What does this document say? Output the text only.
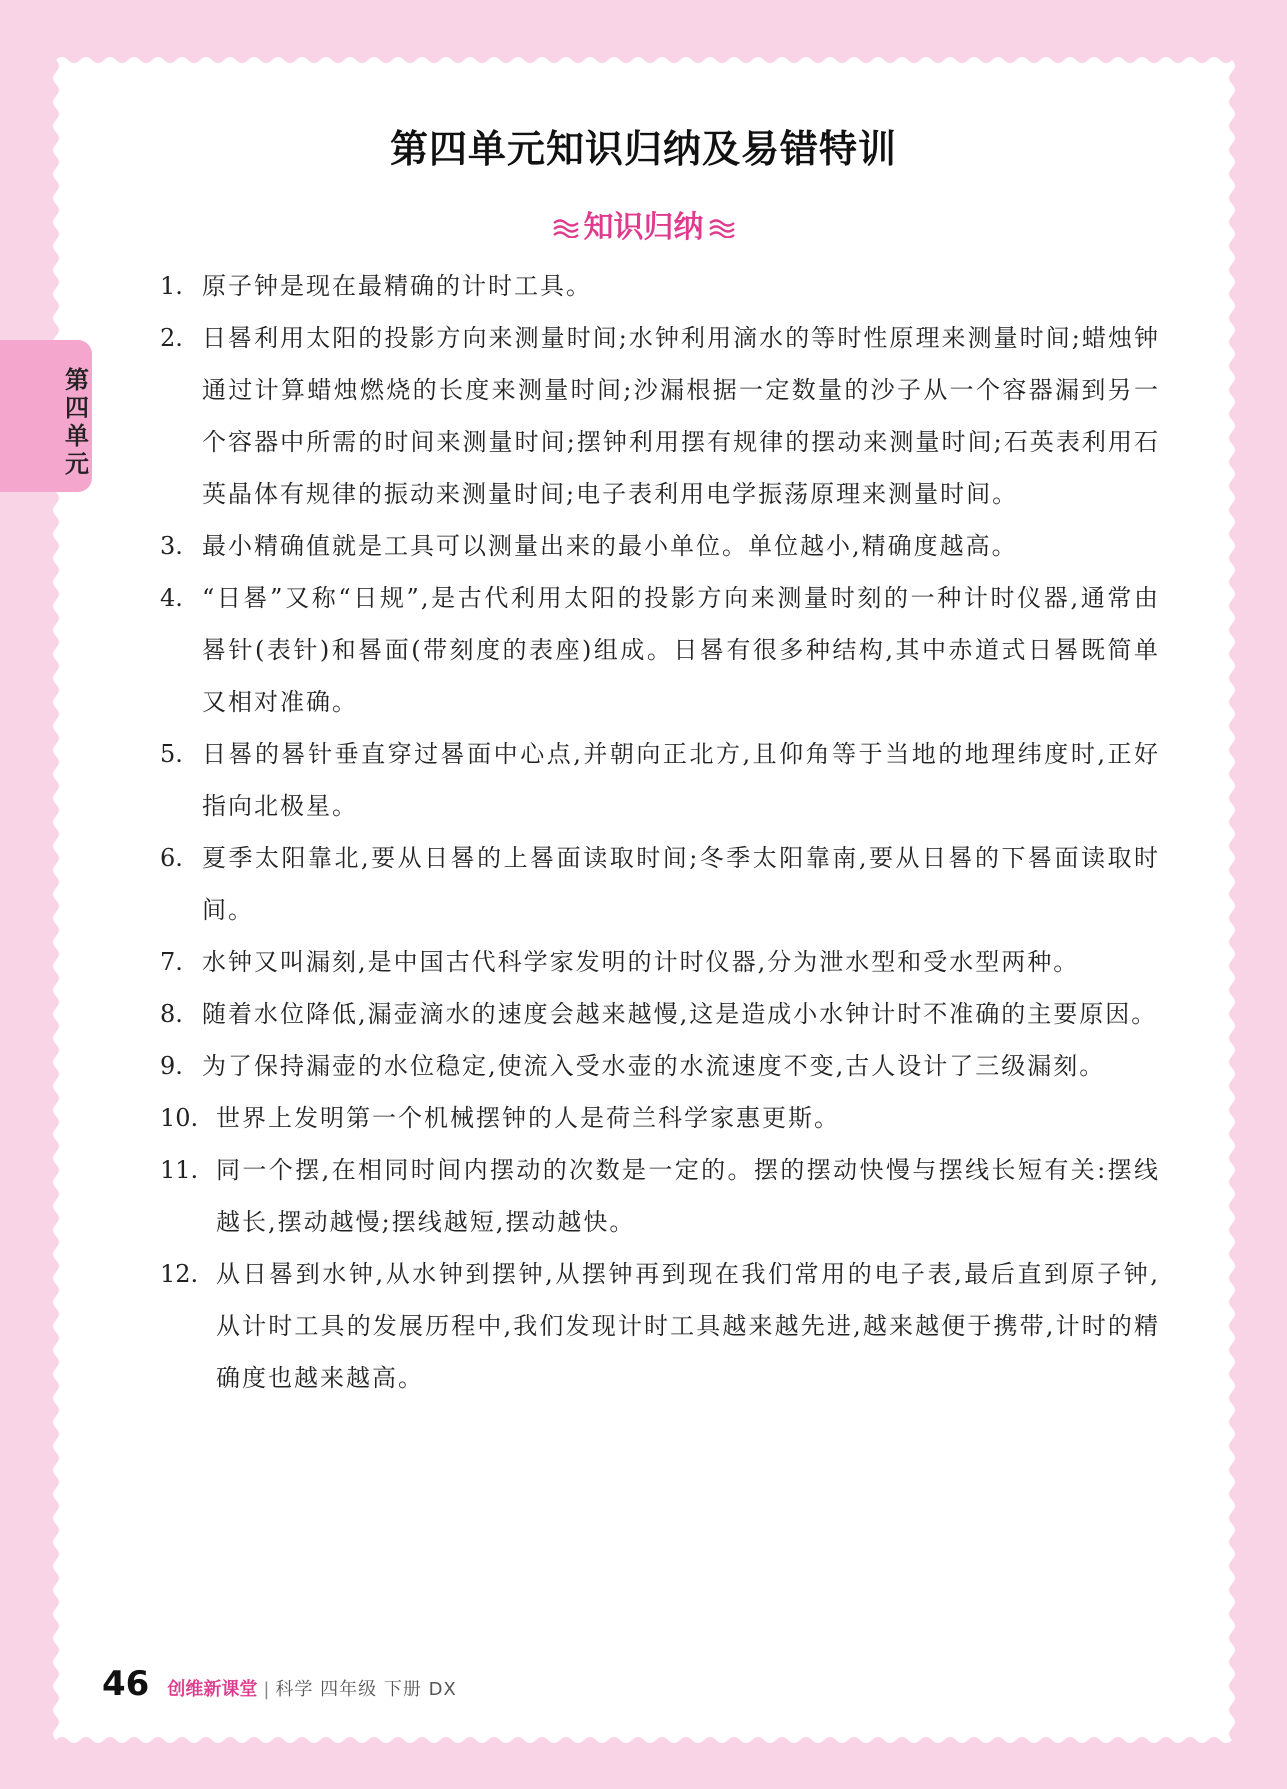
第
四
单
元
第四单元知识归纳及易错特训
知识归纳
1. 原子钟是现在最精确的计时工具。
2. 日晷利用太阳的投影方向来测量时间;水钟利用滴水的等时性原理来测量时间;蜡烛钟通过计算蜡烛燃烧的长度来测量时间;沙漏根据一定数量的沙子从一个容器漏到另一个容器中所需的时间来测量时间;摆钟利用摆有规律的摆动来测量时间;石英表利用石英晶体有规律的振动来测量时间;电子表利用电学振荡原理来测量时间。
3. 最小精确值就是工具可以测量出来的最小单位。单位越小,精确度越高。
4. “日晷”又称“日规”,是古代利用太阳的投影方向来测量时刻的一种计时仪器,通常由晷针(表针)和晷面(带刻度的表座)组成。日晷有很多种结构,其中赤道式日晷既简单又相对准确。
5. 日晷的晷针垂直穿过晷面中心点,并朝向正北方,且仰角等于当地的地理纬度时,正好指向北极星。
6. 夏季太阳靠北,要从日晷的上晷面读取时间;冬季太阳靠南,要从日晷的下晷面读取时间。
7. 水钟又叫漏刻,是中国古代科学家发明的计时仪器,分为泄水型和受水型两种。
8. 随着水位降低,漏壶滴水的速度会越来越慢,这是造成小水钟计时不准确的主要原因。
9. 为了保持漏壶的水位稳定,使流入受水壶的水流速度不变,古人设计了三级漏刻。
10. 世界上发明第一个机械摆钟的人是荷兰科学家惠更斯。
11. 同一个摆,在相同时间内摆动的次数是一定的。摆的摆动快慢与摆线长短有关:摆线越长,摆动越慢;摆线越短,摆动越快。
12. 从日晷到水钟,从水钟到摆钟,从摆钟再到现在我们常用的电子表,最后直到原子钟,从计时工具的发展历程中,我们发现计时工具越来越先进,越来越便于携带,计时的精确度也越来越高。
46 创维新课堂 | 科学 四年级 下册 DX
